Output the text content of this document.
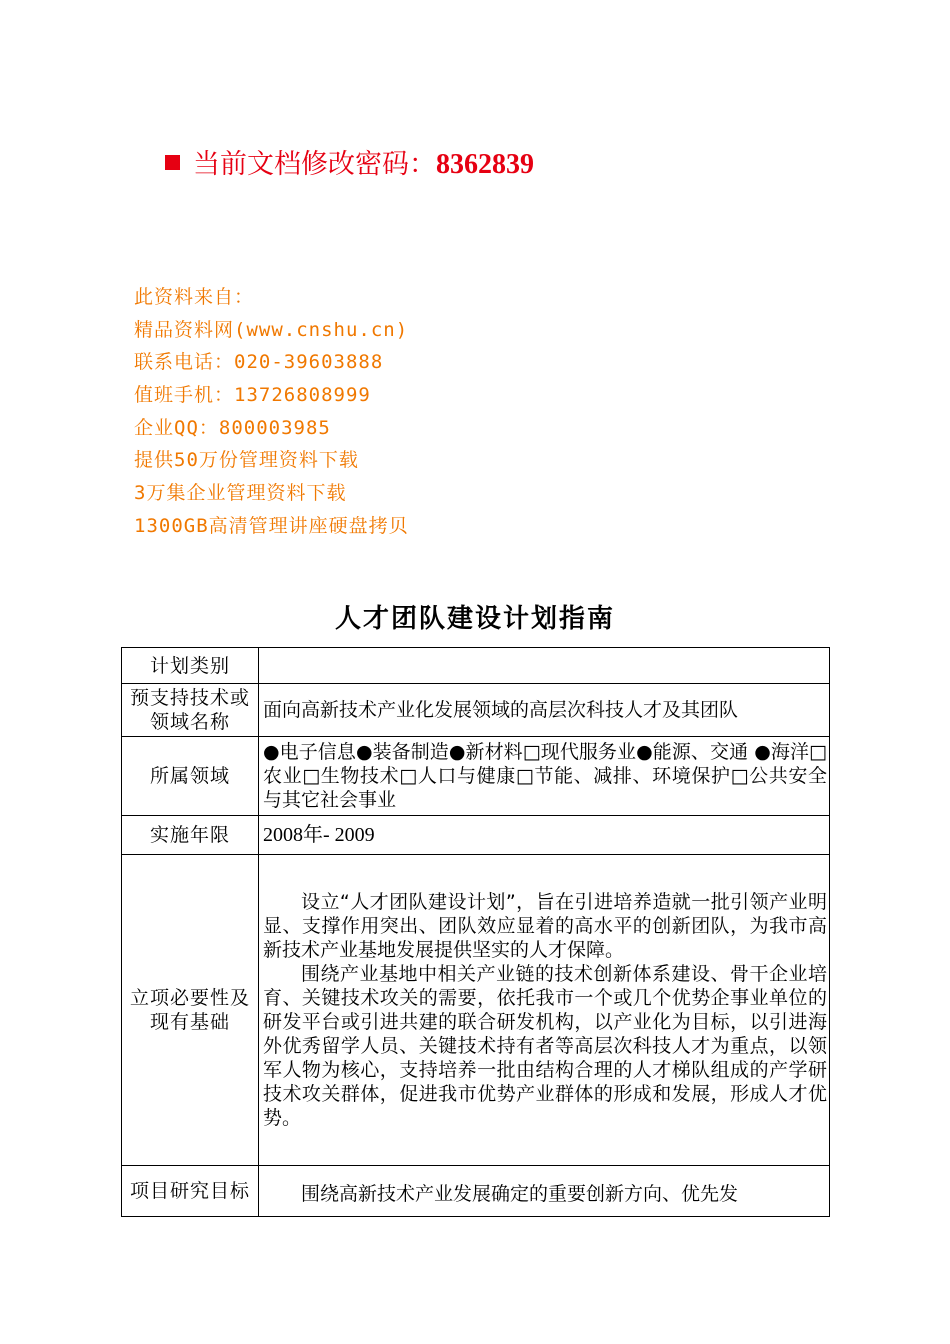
当前文档修改密码：8362839
此资料来自：
精品资料网(www.cnshu.cn)
联系电话：020-39603888
值班手机：13726808999
企业QQ：800003985
提供50万份管理资料下载
3万集企业管理资料下载
1300GB高清管理讲座硬盘拷贝
人才团队建设计划指南
计划类别	
预支持技术或领域名称	面向高新技术产业化发展领域的高层次科技人才及其团队
所属领域	●电子信息●装备制造●新材料□现代服务业●能源、交通 ●海洋□农业□生物技术□人口与健康□节能、减排、环境保护□公共安全与其它社会事业
实施年限	2008年- 2009
立项必要性及现有基础	设立“人才团队建设计划”，旨在引进培养造就一批引领产业明显、支撑作用突出、团队效应显着的高水平的创新团队，为我市高新技术产业基地发展提供坚实的人才保障。
围绕产业基地中相关产业链的技术创新体系建设、骨干企业培育、关键技术攻关的需要，依托我市一个或几个优势企事业单位的研发平台或引进共建的联合研发机构，以产业化为目标，以引进海外优秀留学人员、关键技术持有者等高层次科技人才为重点，以领军人物为核心，支持培养一批由结构合理的人才梯队组成的产学研技术攻关群体，促进我市优势产业群体的形成和发展，形成人才优势。

项目研究目标	围绕高新技术产业发展确定的重要创新方向、优先发
